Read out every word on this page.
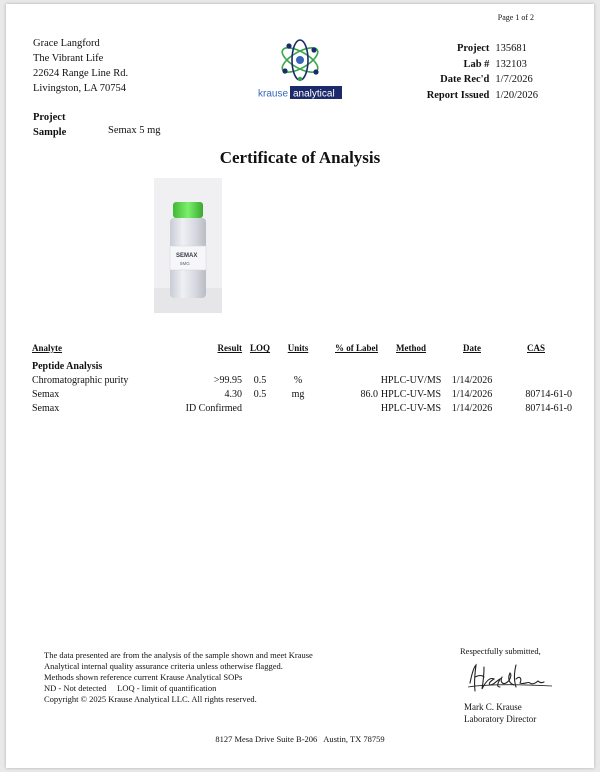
Page 1 of 2
Grace Langford
The Vibrant Life
22624 Range Line Rd.
Livingston, LA 70754	krause analytical
Project	135681
Lab #	132103
Date Rec'd	1/7/2026
Report Issued	1/20/2026
Project
Sample	Semax 5 mg
Certificate of Analysis
SEMAX
5MG
Analyte	Result	LOQ	Units	% of Label	Method	Date	CAS
Peptide Analysis							
Chromatographic purity	>99.95	0.5	%		HPLC-UV/MS	1/14/2026	
Semax	4.30	0.5	mg	86.0	HPLC-UV-MS	1/14/2026	80714-61-0
Semax	ID Confirmed				HPLC-UV-MS	1/14/2026	80714-61-0
The data presented are from the analysis of the sample shown and meet Krause
Analytical internal quality assurance criteria unless otherwise flagged.
Methods shown reference current Krause Analytical SOPs
ND - Not detected     LOQ - limit of quantification
Copyright © 2025 Krause Analytical LLC. All rights reserved.
Respectfully submitted,
Mark C. Krause
Laboratory Director
8127 Mesa Drive Suite B-206   Austin, TX 78759
